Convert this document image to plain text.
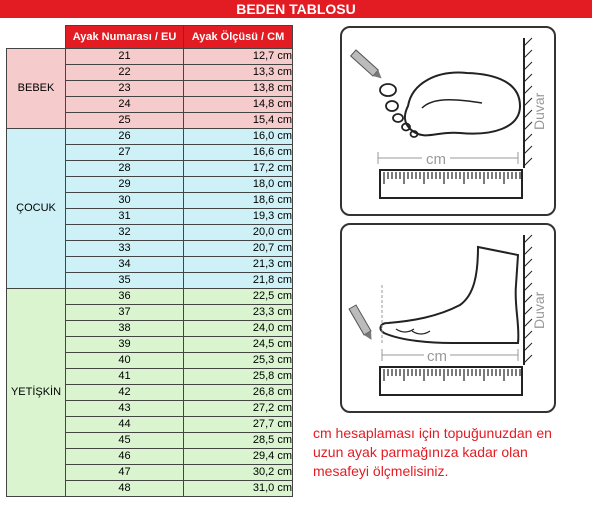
BEDEN TABLOSU
	Ayak Numarası / EU	Ayak Ölçüsü / CM
BEBEK	21	12,7 cm
	22	13,3 cm
	23	13,8 cm
	24	14,8 cm
	25	15,4 cm
ÇOCUK	26	16,0 cm
	27	16,6 cm
	28	17,2 cm
	29	18,0 cm
	30	18,6 cm
	31	19,3 cm
	32	20,0 cm
	33	20,7 cm
	34	21,3 cm
	35	21,8 cm
YETİŞKİN	36	22,5 cm
	37	23,3 cm
	38	24,0 cm
	39	24,5 cm
	40	25,3 cm
	41	25,8 cm
	42	26,8 cm
	43	27,2 cm
	44	27,7 cm
	45	28,5 cm
	46	29,4 cm
	47	30,2 cm
	48	31,0 cm
Duvar
cm
Duvar
cm
cm hesaplaması için topuğunuzdan en uzun ayak parmağınıza kadar olan mesafeyi ölçmelisiniz.
